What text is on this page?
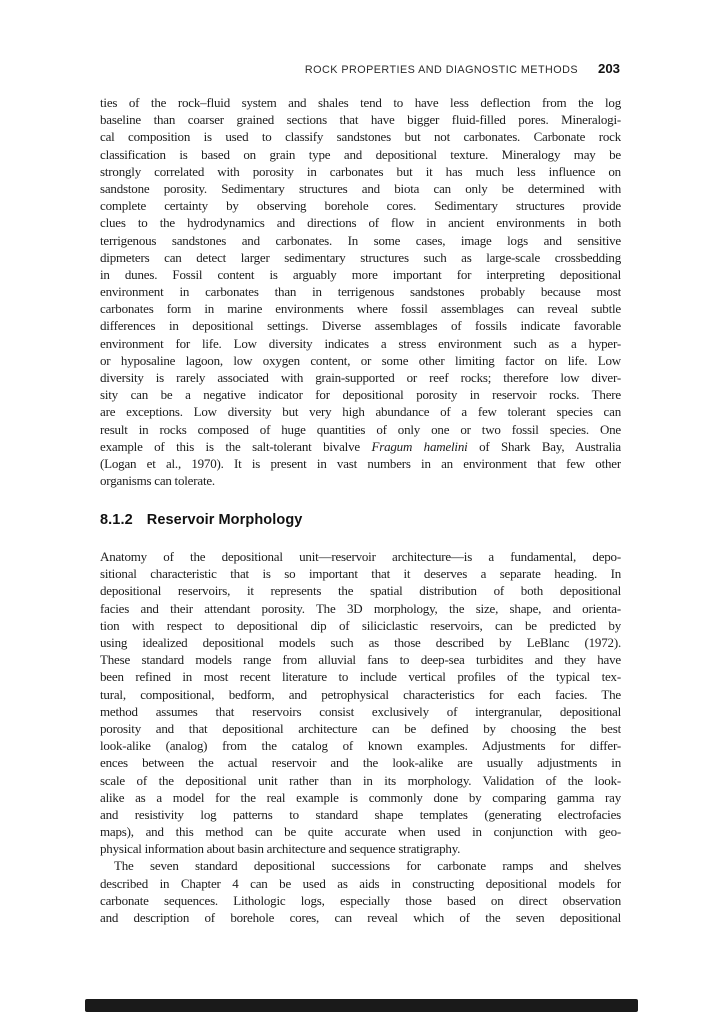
ROCK PROPERTIES AND DIAGNOSTIC METHODS 203
ties of the rock–fluid system and shales tend to have less deflection from the log
baseline than coarser grained sections that have bigger fluid-filled pores. Mineralogi-
cal composition is used to classify sandstones but not carbonates. Carbonate rock
classification is based on grain type and depositional texture. Mineralogy may be
strongly correlated with porosity in carbonates but it has much less influence on
sandstone porosity. Sedimentary structures and biota can only be determined with
complete certainty by observing borehole cores. Sedimentary structures provide
clues to the hydrodynamics and directions of flow in ancient environments in both
terrigenous sandstones and carbonates. In some cases, image logs and sensitive
dipmeters can detect larger sedimentary structures such as large-scale crossbedding
in dunes. Fossil content is arguably more important for interpreting depositional
environment in carbonates than in terrigenous sandstones probably because most
carbonates form in marine environments where fossil assemblages can reveal subtle
differences in depositional settings. Diverse assemblages of fossils indicate favorable
environment for life. Low diversity indicates a stress environment such as a hyper-
or hyposaline lagoon, low oxygen content, or some other limiting factor on life. Low
diversity is rarely associated with grain-supported or reef rocks; therefore low diver-
sity can be a negative indicator for depositional porosity in reservoir rocks. There
are exceptions. Low diversity but very high abundance of a few tolerant species can
result in rocks composed of huge quantities of only one or two fossil species. One
example of this is the salt-tolerant bivalve Fragum hamelini of Shark Bay, Australia
(Logan et al., 1970). It is present in vast numbers in an environment that few other
organisms can tolerate.
8.1.2 Reservoir Morphology
Anatomy of the depositional unit—reservoir architecture—is a fundamental, depo-
sitional characteristic that is so important that it deserves a separate heading. In
depositional reservoirs, it represents the spatial distribution of both depositional
facies and their attendant porosity. The 3D morphology, the size, shape, and orienta-
tion with respect to depositional dip of siliciclastic reservoirs, can be predicted by
using idealized depositional models such as those described by LeBlanc (1972).
These standard models range from alluvial fans to deep-sea turbidites and they have
been refined in most recent literature to include vertical profiles of the typical tex-
tural, compositional, bedform, and petrophysical characteristics for each facies. The
method assumes that reservoirs consist exclusively of intergranular, depositional
porosity and that depositional architecture can be defined by choosing the best
look-alike (analog) from the catalog of known examples. Adjustments for differ-
ences between the actual reservoir and the look-alike are usually adjustments in
scale of the depositional unit rather than in its morphology. Validation of the look-
alike as a model for the real example is commonly done by comparing gamma ray
and resistivity log patterns to standard shape templates (generating electrofacies
maps), and this method can be quite accurate when used in conjunction with geo-
physical information about basin architecture and sequence stratigraphy.
The seven standard depositional successions for carbonate ramps and shelves
described in Chapter 4 can be used as aids in constructing depositional models for
carbonate sequences. Lithologic logs, especially those based on direct observation
and description of borehole cores, can reveal which of the seven depositional
